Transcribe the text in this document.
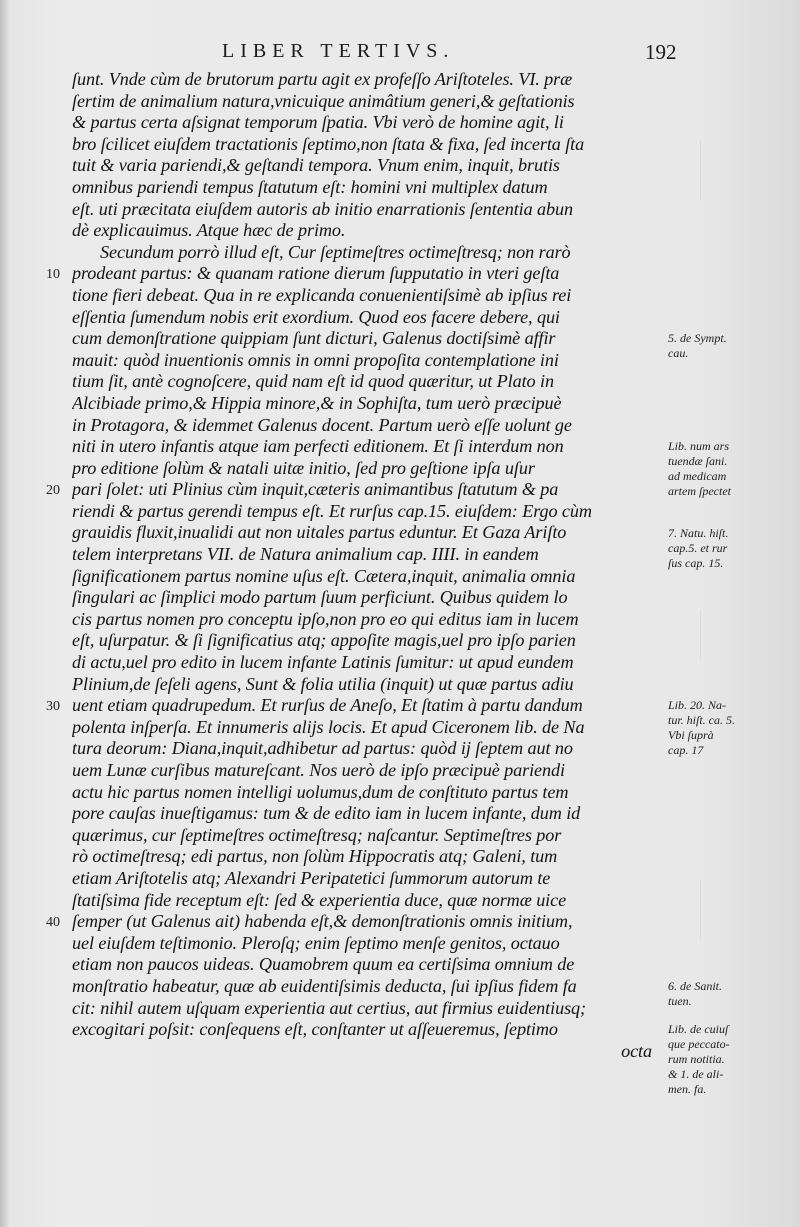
LIBER TERTIVS.	192
ſunt. Vnde cùm de brutorum partu agit ex profeſſo Ariſtoteles. VI. præ
ſertim de animalium natura,vnicuique animâtium generi,& geſtationis
& partus certa aſsignat temporum ſpatia. Vbi verò de homine agit, li
bro ſcilicet eiuſdem tractationis ſeptimo,non ſtata & fixa, ſed incerta ſta
tuit & varia pariendi,& geſtandi tempora. Vnum enim, inquit, brutis
omnibus pariendi tempus ſtatutum eſt: homini vni multiplex datum
eſt. uti præcitata eiuſdem autoris ab initio enarrationis ſententia abun
dè explicauimus. Atque hæc de primo.
Secundum porrò illud eſt, Cur ſeptimeſtres octimeſtres​q; non rarò
prodeant partus: & quanam ratione dierum ſupputatio in vteri geſta
tione fieri debeat. Qua in re explicanda conuenientiſsimè ab ipſius rei
eſſentia ſumendum nobis erit exordium. Quod eos facere debere, qui
cum demonſtratione quippiam ſunt dicturi, Galenus doctiſsimè affir
mauit: quòd inuentionis omnis in omni propoſita contemplatione ini
tium ſit, antè cognoſcere, quid nam eſt id quod quæritur, ut Plato in
Alcibiade primo,& Hippia minore,& in Sophiſta, tum uerò præcipuè
in Protagora, & idemmet Galenus docent. Partum uerò eſſe uolunt ge
niti in utero infantis atque iam perfecti editionem. Et ſi interdum non
pro editione ſolùm & natali uitæ initio, ſed pro geſtione ipſa uſur
pari ſolet: uti Plinius cùm inquit,cæteris animantibus ſtatutum & pa
riendi & partus gerendi tempus eſt. Et rurſus cap.15. eiuſdem: Ergo cùm
grauidis fluxit,inualidi aut non uitales partus eduntur. Et Gaza Ariſto
telem interpretans VII. de Natura animalium cap. IIII. in eandem
ſignificationem partus nomine uſus eſt. Cætera,inquit, animalia omnia
ſingulari ac ſimplici modo partum ſuum perficiunt. Quibus quidem lo
cis partus nomen pro conceptu ipſo,non pro eo qui editus iam in lucem
eſt, uſurpatur. & ſi ſignificatius atq; appoſite magis,uel pro ipſo parien
di actu,uel pro edito in lucem infante Latinis ſumitur: ut apud eundem
Plinium,de ſeſeli agens, Sunt & folia utilia (inquit) ut quæ partus adiu
uent etiam quadrupedum. Et rurſus de Aneſo, Et ſtatim à partu dandum
polenta inſperſa. Et innumeris alijs locis. Et apud Ciceronem lib. de Na
tura deorum: Diana,inquit,adhibetur ad partus: quòd ij ſeptem aut no
uem Lunæ curſibus matureſcant. Nos uerò de ipſo præcipuè pariendi
actu hic partus nomen intelligi uolumus,dum de conſtituto partus tem
pore cauſas inueſtigamus: tum & de edito iam in lucem infante, dum id
quærimus, cur ſeptimeſtres octimeſtres​q; naſcantur. Septimeſtres por
rò octimeſtres​q; edi partus, non ſolùm Hippocratis atq; Galeni, tum
etiam Ariſtotelis atq; Alexandri Peripatetici ſummorum autorum te
ſtatiſsima fide receptum eſt: ſed & experientia duce, quæ normæ uice
ſemper (ut Galenus ait) habenda eſt,& demonſtrationis omnis initium,
uel eiuſdem teſtimonio. Pleroſ​q; enim ſeptimo menſe genitos, octauo
etiam non paucos uideas. Quamobrem quum ea certiſsima omnium de
monſtratio habeatur, quæ ab euidentiſsimis deducta, ſui ipſius fidem fa
cit: nihil autem uſquam experientia aut certius, aut firmius euidentius​q;
excogitari poſsit: conſequens eſt, conſtanter ut aſſeueremus, ſeptimo
octa
10
20
30
40
5. de Sympt.
cau.
Lib. num ars
tuendæ ſani.
ad medicam
artem ſpectet
7. Natu. hiſt.
cap.5. et rur
ſus cap. 15.
Lib. 20. Na-
tur. hiſt. ca. 5.
Vbi ſuprà
cap. 17
6. de Sanit.
tuen.
Lib. de cuiuſ
que peccato-
rum notitia.
& 1. de ali-
men. fa.
